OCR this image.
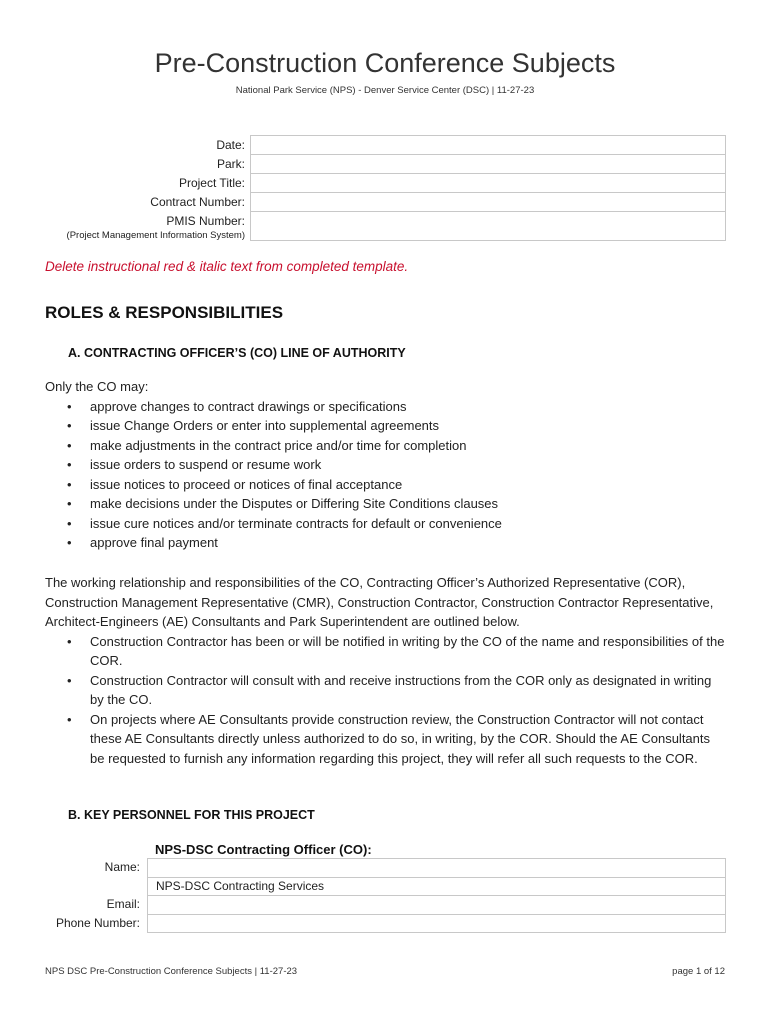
Pre-Construction Conference Subjects
National Park Service (NPS) - Denver Service Center (DSC) | 11-27-23
Date:
Park:
Project Title:
Contract Number:
PMIS Number:
(Project Management Information System)
Delete instructional red & italic text from completed template.
ROLES & RESPONSIBILITIES
A. CONTRACTING OFFICER’S (CO) LINE OF AUTHORITY
Only the CO may:
• approve changes to contract drawings or specifications
• issue Change Orders or enter into supplemental agreements
• make adjustments in the contract price and/or time for completion
• issue orders to suspend or resume work
• issue notices to proceed or notices of final acceptance
• make decisions under the Disputes or Differing Site Conditions clauses
• issue cure notices and/or terminate contracts for default or convenience
• approve final payment
The working relationship and responsibilities of the CO, Contracting Officer’s Authorized Representative (COR), Construction Management Representative (CMR), Construction Contractor, Construction Contractor Representative, Architect-Engineers (AE) Consultants and Park Superintendent are outlined below.
• Construction Contractor has been or will be notified in writing by the CO of the name and responsibilities of the COR.
• Construction Contractor will consult with and receive instructions from the COR only as designated in writing by the CO.
• On projects where AE Consultants provide construction review, the Construction Contractor will not contact these AE Consultants directly unless authorized to do so, in writing, by the COR. Should the AE Consultants be requested to furnish any information regarding this project, they will refer all such requests to the COR.
B. KEY PERSONNEL FOR THIS PROJECT
NPS-DSC Contracting Officer (CO):
Name:
Email:
Phone Number:
NPS-DSC Contracting Services
NPS DSC Pre-Construction Conference Subjects | 11-27-23	page 1 of 12
